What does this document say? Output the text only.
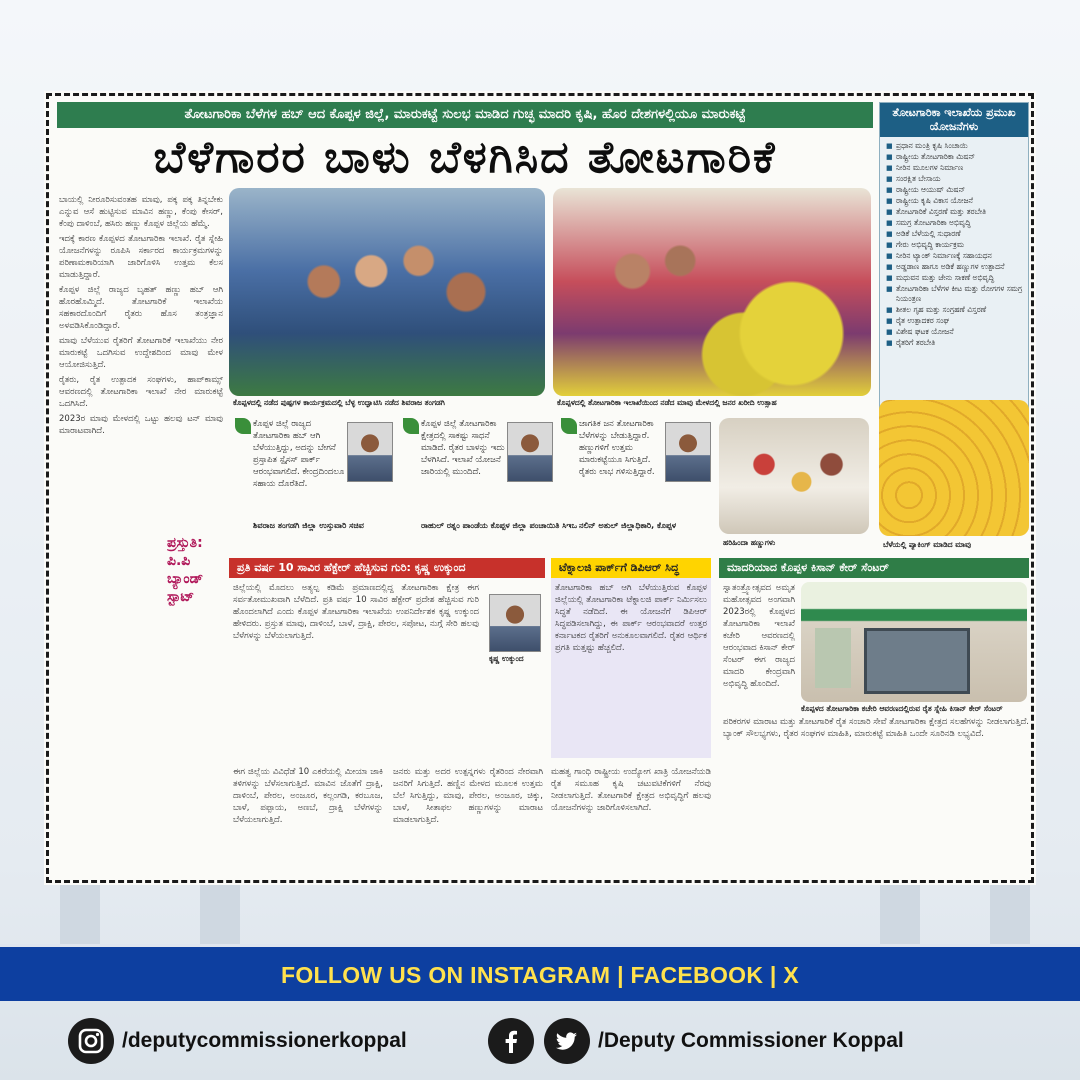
ತೋಟಗಾರಿಕಾ ಬೆಳೆಗಳ ಹಬ್ ಆದ ಕೊಪ್ಪಳ ಜಿಲ್ಲೆ, ಮಾರುಕಟ್ಟೆ ಸುಲಭ ಮಾಡಿದ ಗುಚ್ಛ ಮಾದರಿ ಕೃಷಿ, ಹೊರ ದೇಶಗಳಲ್ಲಿಯೂ ಮಾರುಕಟ್ಟೆ
ಬೆಳೆಗಾರರ ಬಾಳು ಬೆಳಗಿಸಿದ ತೋಟಗಾರಿಕೆ

ಬಾಯಲ್ಲಿ ನೀರೂರಿಸುವಂತಹ ಮಾವು, ಪಕ್ಕ ಪಕ್ಕ ತಿನ್ನಬೇಕು ಎನ್ನುವ ಆಸೆ ಹುಟ್ಟಿಸುವ ಮಾವಿನ ಹಣ್ಣು, ಕೆಂಪು ಕೇಸರ್, ಕೆಂಪು ದಾಳಿಂಬೆ, ಹಸಿರು ಹಣ್ಣು ಕೊಪ್ಪಳ ಜಿಲ್ಲೆಯ ಹೆಮ್ಮೆ.

ಇದಕ್ಕೆ ಕಾರಣ ಕೊಪ್ಪಳದ ತೋಟಗಾರಿಕಾ ಇಲಾಖೆ. ರೈತ ಸ್ನೇಹಿ ಯೋಜನೆಗಳನ್ನು ರೂಪಿಸಿ ಸರ್ಕಾರದ ಕಾರ್ಯಕ್ರಮಗಳನ್ನು ಪರಿಣಾಮಕಾರಿಯಾಗಿ ಜಾರಿಗೊಳಿಸಿ ಉತ್ತಮ ಕೆಲಸ ಮಾಡುತ್ತಿದ್ದಾರೆ.

ಕೊಪ್ಪಳ ಜಿಲ್ಲೆ ರಾಜ್ಯದ ಬೃಹತ್ ಹಣ್ಣು ಹಬ್ ಆಗಿ ಹೊರಹೊಮ್ಮಿದೆ. ತೋಟಗಾರಿಕೆ ಇಲಾಖೆಯ ಸಹಕಾರದೊಂದಿಗೆ ರೈತರು ಹೊಸ ತಂತ್ರಜ್ಞಾನ ಅಳವಡಿಸಿಕೊಂಡಿದ್ದಾರೆ.

ಮಾವು ಬೆಳೆಯುವ ರೈತರಿಗೆ ತೋಟಗಾರಿಕೆ ಇಲಾಖೆಯು ನೇರ ಮಾರುಕಟ್ಟೆ ಒದಗಿಸುವ ಉದ್ದೇಶದಿಂದ ಮಾವು ಮೇಳ ಆಯೋಜಿಸುತ್ತಿದೆ.

ರೈತರು, ರೈತ ಉತ್ಪಾದಕ ಸಂಘಗಳು, ಹಾಪ್‌ಕಾಮ್ಸ್ ಆವರಣದಲ್ಲಿ ತೋಟಗಾರಿಕಾ ಇಲಾಖೆ ನೇರ ಮಾರುಕಟ್ಟೆ ಒದಗಿಸಿದೆ.

2023ರ ಮಾವು ಮೇಳದಲ್ಲಿ ಒಟ್ಟು ಹಲವು ಟನ್ ಮಾವು ಮಾರಾಟವಾಗಿದೆ.

ಪ್ರಸ್ತುತಿ: ಪಿ.ಪಿ ಬ್ಯಾಂಡ್ ಸ್ಟಾಟ್
ಕೊಪ್ಪಳದಲ್ಲಿ ನಡೆದ ಪುಷ್ಪಗಳ ಕಾರ್ಯಕ್ರಮದಲ್ಲಿ ಬೆಳ್ಳ ಉದ್ಘಾಟಿಸಿ ನಡೆದ ಶಿವರಾಜ ತಂಗಡಗಿ	ಕೊಪ್ಪಳದಲ್ಲಿ ತೋಟಗಾರಿಕಾ ಇಲಾಖೆಯಿಂದ ನಡೆದ ಮಾವು ಮೇಳದಲ್ಲಿ ಜನರ ಖರೀದಿ ಉತ್ಸಾಹ
ತೋಟಗಾರಿಕಾ ಇಲಾಖೆಯ ಪ್ರಮುಖ ಯೋಜನೆಗಳು
■ ಪ್ರಧಾನ ಮಂತ್ರಿ ಕೃಷಿ ಸಿಂಚಾಯಿ
■ ರಾಷ್ಟ್ರೀಯ ತೋಟಗಾರಿಕಾ ಮಿಷನ್
■ ನೀರಿನ ಮೂಲಗಳ ನಿರ್ಮಾಣ
■ ಸಂರಕ್ಷಿತ ಬೇಸಾಯ
■ ರಾಷ್ಟ್ರೀಯ ಆಯುಷ್ ಮಿಷನ್
■ ರಾಷ್ಟ್ರೀಯ ಕೃಷಿ ವಿಕಾಸ ಯೋಜನೆ
■ ತೋಟಗಾರಿಕೆ ವಿಸ್ತರಣೆ ಮತ್ತು ತರಬೇತಿ
■ ಸಮಗ್ರ ತೋಟಗಾರಿಕಾ ಅಭಿವೃದ್ಧಿ
■ ಅಡಿಕೆ ಬೆಳೆಯಲ್ಲಿ ಸುಧಾರಣೆ
■ ಗೇರು ಅಭಿವೃದ್ಧಿ ಕಾರ್ಯಕ್ರಮ
■ ನೀರಿನ ಟ್ಯಾಂಕ್ ನಿರ್ಮಾಣಕ್ಕೆ ಸಹಾಯಧನ
■ ಅಡ್ಡಡಾಣ ಹಾಗೂ ಅಡಿಕೆ ಹಣ್ಣುಗಳ ಉತ್ಪಾದನೆ
■ ಮಧುವನ ಮತ್ತು ಜೇನು ಸಾಕಣೆ ಅಭಿವೃದ್ಧಿ
■ ತೋಟಗಾರಿಕಾ ಬೆಳೆಗಳ ಕೀಟ ಮತ್ತು ರೋಗಗಳ ಸಮಗ್ರ ನಿಯಂತ್ರಣ
■ ಶೀತಲ ಗೃಹ ಮತ್ತು ಸಂಗ್ರಹಣೆ ವಿಸ್ತರಣೆ
■ ರೈತ ಉತ್ಪಾದಕರ ಸಂಘ
■ ವಿಶೇಷ ಘಟಕ ಯೋಜನೆ
■ ರೈತರಿಗೆ ತರಬೇತಿ
ಕೊಪ್ಪಳ ಜಿಲ್ಲೆ ರಾಜ್ಯದ ತೋಟಗಾರಿಕಾ ಹಬ್ ಆಗಿ ಬೆಳೆಯುತ್ತಿದ್ದು, ಅದನ್ನು ಬೇಗನೆ ಪ್ರಸ್ತಾಪಿತ ಸ್ಪೈಸಸ್ ಪಾರ್ಕ್ ಆರಂಭವಾಗಲಿದೆ. ಕೇಂದ್ರದಿಂದಲೂ ಸಹಾಯ ದೊರೆತಿದೆ.
ಶಿವರಾಜ ತಂಗಡಗಿ ಜಿಲ್ಲಾ ಉಸ್ತುವಾರಿ ಸಚಿವ
ಕೊಪ್ಪಳ ಜಿಲ್ಲೆ ತೋಟಗಾರಿಕಾ ಕ್ಷೇತ್ರದಲ್ಲಿ ಸಾಕಷ್ಟು ಸಾಧನೆ ಮಾಡಿದೆ. ರೈತರ ಬಾಳನ್ನು ಇದು ಬೆಳಗಿಸಿದೆ. ಇಲಾಖೆ ಯೋಜನೆ ಜಾರಿಯಲ್ಲಿ ಮುಂದಿದೆ.
ರಾಹುಲ್ ರತ್ನಂ ಪಾಂಡೆಯ ಕೊಪ್ಪಳ ಜಿಲ್ಲಾ ಪಂಚಾಯಿತಿ ಸಿಇಒ
ಜಾಗತಿಕ ಜನ ತೋಟಗಾರಿಕಾ ಬೆಳೆಗಳನ್ನು ಬೇಡುತ್ತಿದ್ದಾರೆ. ಹಣ್ಣುಗಳಿಗೆ ಉತ್ತಮ ಮಾರುಕಟ್ಟೆಯೂ ಸಿಗುತ್ತಿದೆ. ರೈತರು ಲಾಭ ಗಳಿಸುತ್ತಿದ್ದಾರೆ.
ನಲಿನ್ ಅತುಲ್ ಜಿಲ್ಲಾಧಿಕಾರಿ, ಕೊಪ್ಪಳ
ಹರಿಹಿಂದಾ ಹಣ್ಣುಗಳು	ಬೆಳೆಯಲ್ಲಿ ಪ್ಯಾಕಿಂಗ್ ಮಾಡಿದ ಮಾವು
ಪ್ರತಿ ವರ್ಷ 10 ಸಾವಿರ ಹೆಕ್ಟೇರ್ ಹೆಚ್ಚಿಸುವ ಗುರಿ: ಕೃಷ್ಣ ಉಕ್ಕುಂದ
ಜಿಲ್ಲೆಯಲ್ಲಿ ಮೊದಲು ಅತ್ಯಲ್ಪ ಕಡಿಮೆ ಪ್ರಮಾಣದಲ್ಲಿದ್ದ ತೋಟಗಾರಿಕಾ ಕ್ಷೇತ್ರ ಈಗ ಸರ್ವತೋಮುಖವಾಗಿ ಬೆಳೆದಿದೆ. ಪ್ರತಿ ವರ್ಷ 10 ಸಾವಿರ ಹೆಕ್ಟೇರ್ ಪ್ರದೇಶ ಹೆಚ್ಚಿಸುವ ಗುರಿ ಹೊಂದಲಾಗಿದೆ ಎಂದು ಕೊಪ್ಪಳ ತೋಟಗಾರಿಕಾ ಇಲಾಖೆಯ ಉಪನಿರ್ದೇಶಕ ಕೃಷ್ಣ ಉಕ್ಕುಂದ ಹೇಳಿದರು. ಪ್ರಸ್ತುತ ಮಾವು, ದಾಳಿಂಬೆ, ಬಾಳೆ, ದ್ರಾಕ್ಷಿ, ಪೇರಲ, ಸಪೋಟ, ನುಗ್ಗೆ ಸೇರಿ ಹಲವು ಬೆಳೆಗಳನ್ನು ಬೆಳೆಯಲಾಗುತ್ತಿದೆ.
ಕೃಷ್ಣ ಉಕ್ಕುಂದ
ಟೆಕ್ನಾಲಜಿ ಪಾರ್ಕ್‌ಗೆ ಡಿಪಿಆರ್ ಸಿದ್ಧ
ತೋಟಗಾರಿಕಾ ಹಬ್ ಆಗಿ ಬೆಳೆಯುತ್ತಿರುವ ಕೊಪ್ಪಳ ಜಿಲ್ಲೆಯಲ್ಲಿ ತೋಟಗಾರಿಕಾ ಟೆಕ್ನಾಲಜಿ ಪಾರ್ಕ್ ನಿರ್ಮಿಸಲು ಸಿದ್ಧತೆ ನಡೆದಿದೆ. ಈ ಯೋಜನೆಗೆ ಡಿಪಿಆರ್ ಸಿದ್ಧಪಡಿಸಲಾಗಿದ್ದು, ಈ ಪಾರ್ಕ್ ಆರಂಭವಾದರೆ ಉತ್ತರ ಕರ್ನಾಟಕದ ರೈತರಿಗೆ ಅನುಕೂಲವಾಗಲಿದೆ. ರೈತರ ಆರ್ಥಿಕ ಪ್ರಗತಿ ಮತ್ತಷ್ಟು ಹೆಚ್ಚಲಿದೆ.
ಮಾದರಿಯಾದ ಕೊಪ್ಪಳ ಕಿಸಾನ್ ಕೇರ್ ಸೆಂಟರ್
ಸ್ವಾತಂತ್ರ್ಯೋತ್ಸವದ ಅಮೃತ ಮಹೋತ್ಸವದ ಅಂಗವಾಗಿ 2023ರಲ್ಲಿ ಕೊಪ್ಪಳದ ತೋಟಗಾರಿಕಾ ಇಲಾಖೆ ಕಚೇರಿ ಆವರಣದಲ್ಲಿ ಆರಂಭವಾದ ಕಿಸಾನ್ ಕೇರ್ ಸೆಂಟರ್ ಈಗ ರಾಜ್ಯದ ಮಾದರಿ ಕೇಂದ್ರವಾಗಿ ಅಭಿವೃದ್ಧಿ ಹೊಂದಿದೆ.
ಕೊಪ್ಪಳದ ತೋಟಗಾರಿಕಾ ಕಚೇರಿ ಆವರಣದಲ್ಲಿರುವ ರೈತ ಸ್ನೇಹಿ ಕಿಸಾನ್ ಕೇರ್ ಸೆಂಟರ್
ಪರಿಕರಗಳ ಮಾರಾಟ ಮತ್ತು ತೋಟಗಾರಿಕೆ ರೈತ ಸಂಚಾರಿ ಸೇವೆ ತೋಟಗಾರಿಕಾ ಕ್ಷೇತ್ರದ ಸಲಹೆಗಳನ್ನು ನೀಡಲಾಗುತ್ತಿದೆ. ಬ್ಯಾಂಕ್ ಸೌಲಭ್ಯಗಳು, ರೈತರ ಸಂಘಗಳ ಮಾಹಿತಿ, ಮಾರುಕಟ್ಟೆ ಮಾಹಿತಿ ಒಂದೇ ಸೂರಿನಡಿ ಲಭ್ಯವಿದೆ.
ಈಗ ಜಿಲ್ಲೆಯ ವಿವಿಧೆಡೆ 10 ಎಕರೆಯಲ್ಲಿ ಮೀಯಾ ಜಾಕಿ ತಳಿಗಳನ್ನು ಬೆಳೆಸಲಾಗುತ್ತಿದೆ. ಮಾವಿನ ಜೊತೆಗೆ ದ್ರಾಕ್ಷಿ, ದಾಳಿಂಬೆ, ಪೇರಲ, ಅಂಜೂರ, ಕಲ್ಲಂಗಡಿ, ಕರಬೂಜ, ಬಾಳೆ, ಪಪ್ಪಾಯ, ಅಣಬೆ, ದ್ರಾಕ್ಷಿ ಬೆಳೆಗಳನ್ನು ಬೆಳೆಯಲಾಗುತ್ತಿದೆ.
ಜನರು ಮತ್ತು ಅದರ ಉತ್ಪನ್ನಗಳು ರೈತರಿಂದ ನೇರವಾಗಿ ಜನರಿಗೆ ಸಿಗುತ್ತಿದೆ. ಹಣ್ಣಿನ ಮೇಳದ ಮೂಲಕ ಉತ್ತಮ ಬೆಲೆ ಸಿಗುತ್ತಿದ್ದು, ಮಾವು, ಪೇರಲ, ಅಂಜೂರ, ಚಿಕ್ಕು, ಬಾಳೆ, ಸೀತಾಫಲ ಹಣ್ಣುಗಳನ್ನು ಮಾರಾಟ ಮಾಡಲಾಗುತ್ತಿದೆ.
ಮಹತ್ವ ಗಾಂಧಿ ರಾಷ್ಟ್ರೀಯ ಉದ್ಯೋಗ ಖಾತ್ರಿ ಯೋಜನೆಯಡಿ ರೈತ ಸಮೂಹ ಕೃಷಿ ಚಟುವಟಿಕೆಗಳಿಗೆ ನೆರವು ನೀಡಲಾಗುತ್ತಿದೆ. ತೋಟಗಾರಿಕೆ ಕ್ಷೇತ್ರದ ಅಭಿವೃದ್ಧಿಗೆ ಹಲವು ಯೋಜನೆಗಳನ್ನು ಜಾರಿಗೊಳಿಸಲಾಗಿದೆ.
FOLLOW US ON INSTAGRAM | FACEBOOK | X
/deputycommissionerkoppal	/Deputy Commissioner Koppal
